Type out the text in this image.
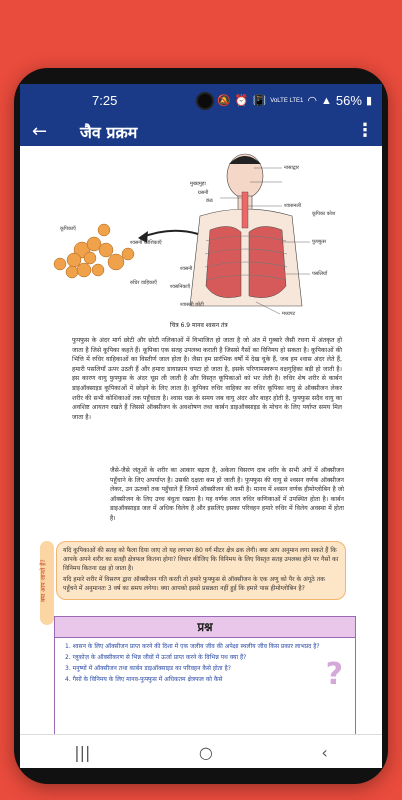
7:25	🔕 ⏰ 📳 VoLTE LTE1 ◠ ▲ 56% ▮
← जैव प्रक्रम	⋮
नासाद्वार
मुख्यमुहा
ग्रसनी
कंठ
श्वासनली
कूपिका कोश
कूपिकाएँ
श्वसनी कोशिकाएँ	फुफ्फुस
रुधिर वाहिकाएँ
श्वसनी
श्वसनिकाएँ
पसलियाँ
श्वासनी छोटी
मध्यपट
चित्र 6.9 मानव श्वसन तंत्र
फुफ्फुस के अंदर मार्ग छोटी और छोटी नलिकाओं में विभाजित हो जाता है जो अंत में गुब्बारे जैसी रचना में अंतकृत हो जाता है जिसे कूपिका कहते हैं। कूपिका एक सतह उपलब्ध कराती है जिससे गैसों का विनिमय हो सकता है। कूपिकाओं की भित्ति में रुधिर वाहिकाओं का विस्तीर्ण जाल होता है। जैसा हम प्रारंभिक वर्षों में देख चुके हैं, जब हम श्वास अंदर लेते हैं, हमारी पसलियाँ ऊपर उठती हैं और हमारा डायाफ्राम चपटा हो जाता है, इसके परिणामस्वरूप वक्षगुहिका बड़ी हो जाती है। इस कारण वायु फुफ्फुस के अंदर चूस ली जाती है और विस्तृत कूपिकाओं को भर लेती है। रुधिर शेष शरीर से कार्बन डाइऑक्साइड कूपिकाओं में छोड़ने के लिए लाता है। कूपिका रुधिर वाहिका का रुधिर कूपिका वायु से ऑक्सीजन लेकर शरीर की सभी कोशिकाओं तक पहुँचाता है। श्वास चक्र के समय जब वायु अंदर और बाहर होती है, फुफ्फुस सदैव वायु का अवशिष्ट आयतन रखते हैं जिससे ऑक्सीजन के अवशोषण तथा कार्बन डाइऑक्साइड के मोचन के लिए पर्याप्त समय मिल जाता है।
जैसे-जैसे जंतुओं के शरीर का आकार बढ़ता है, अकेला विसरण दाब शरीर के सभी अंगों में ऑक्सीजन पहुँचाने के लिए अपर्याप्त है। उसकी दक्षता कम हो जाती है। फुफ्फुस की वायु से श्वसन वर्णक ऑक्सीजन लेकर, उन ऊतकों तक पहुँचाते हैं जिनमें ऑक्सीजन की कमी है। मानव में श्वसन वर्णक हीमोग्लोबिन है जो ऑक्सीजन के लिए उच्च बंधुता रखता है। यह वर्णक लाल रुधिर कणिकाओं में उपस्थित होता है। कार्बन डाइऑक्साइड जल में अधिक विलेय है और इसलिए इसका परिवहन हमारे रुधिर में विलेय अवस्था में होता है।
क्या आप जानते हैं?

यदि कूपिकाओं की सतह को फैला दिया जाए तो यह लगभग 80 वर्ग मीटर क्षेत्र ढक लेगी। क्या आप अनुमान लगा सकते हैं कि आपके अपने शरीर का सतही क्षेत्रफल कितना होगा? विचार कीजिए कि विनिमय के लिए विस्तृत सतह उपलब्ध होने पर गैसों का विनिमय कितना दक्ष हो जाता है।

यदि हमारे शरीर में विसरण द्वारा ऑक्सीजन गति करती तो हमारे फुफ्फुस से ऑक्सीजन के एक अणु को पैर के अंगूठे तक पहुँचने में अनुमानतः 3 वर्ष का समय लगेगा। क्या आपको इससे प्रसन्नता नहीं हुई कि हमारे पास हीमोग्लोबिन है?

प्रश्न
1. श्वसन के लिए ऑक्सीजन प्राप्त करने की दिशा में एक जलीय जीव की अपेक्षा स्थलीय जीव किस प्रकार लाभप्रद है?
2. ग्लूकोज़ के ऑक्सीकरण से भिन्न जीवों में ऊर्जा प्राप्त करने के विभिन्न पथ क्या हैं?
3. मनुष्यों में ऑक्सीजन तथा कार्बन डाइऑक्साइड का परिवहन कैसे होता है?
4. गैसों के विनिमय के लिए मानव-फुफ्फुस में अधिकतम क्षेत्रफल को कैसे	?
|||	○	‹
